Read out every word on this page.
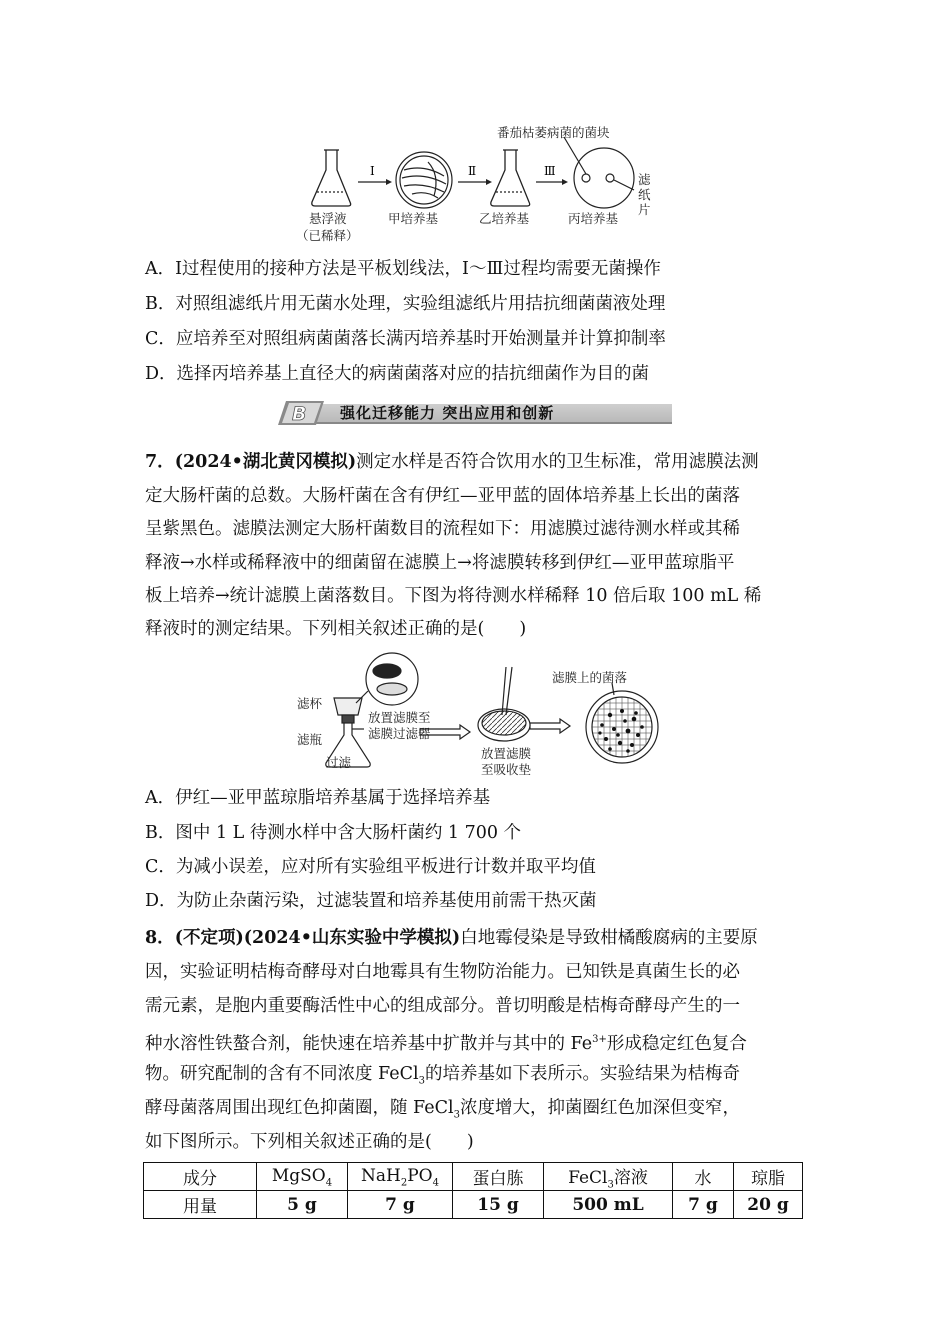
Ⅰ	Ⅱ	Ⅲ
番茄枯萎病菌的菌块
悬浮液
（已稀释）
甲培养基	乙培养基	丙培养基
滤纸片
A．Ⅰ过程使用的接种方法是平板划线法，Ⅰ～Ⅲ过程均需要无菌操作
B．对照组滤纸片用无菌水处理，实验组滤纸片用拮抗细菌菌液处理
C．应培养至对照组病菌菌落长满丙培养基时开始测量并计算抑制率
D．选择丙培养基上直径大的病菌菌落对应的拮抗细菌作为目的菌
B 强化迁移能力 突出应用和创新
7．(2024•湖北黄冈模拟)测定水样是否符合饮用水的卫生标准，常用滤膜法测
定大肠杆菌的总数。大肠杆菌在含有伊红—亚甲蓝的固体培养基上长出的菌落
呈紫黑色。滤膜法测定大肠杆菌数目的流程如下：用滤膜过滤待测水样或其稀
释液→水样或稀释液中的细菌留在滤膜上→将滤膜转移到伊红—亚甲蓝琼脂平
板上培养→统计滤膜上菌落数目。下图为将待测水样稀释 10 倍后取 100 mL 稀
释液时的测定结果。下列相关叙述正确的是(　　)
滤杯
滤瓶
过滤
放置滤膜至
滤膜过滤器
放置滤膜
至吸收垫
滤膜上的菌落
A．伊红—亚甲蓝琼脂培养基属于选择培养基
B．图中 1 L 待测水样中含大肠杆菌约 1 700 个
C．为减小误差，应对所有实验组平板进行计数并取平均值
D．为防止杂菌污染，过滤装置和培养基使用前需干热灭菌
8．(不定项)(2024•山东实验中学模拟)白地霉侵染是导致柑橘酸腐病的主要原
因，实验证明桔梅奇酵母对白地霉具有生物防治能力。已知铁是真菌生长的必
需元素，是胞内重要酶活性中心的组成部分。普切明酸是桔梅奇酵母产生的一
种水溶性铁螯合剂，能快速在培养基中扩散并与其中的 $Fe^{3+}$形成稳定红色复合
物。研究配制的含有不同浓度 FeCl$_3$的培养基如下表所示。实验结果为桔梅奇
酵母菌落周围出现红色抑菌圈，随 FeCl$_3$浓度增大，抑菌圈红色加深但变窄，
如下图所示。下列相关叙述正确的是(　　)
成分	MgSO$_4$	$NaH_2PO_4$	蛋白胨	FeCl$_3$溶液	水	琼脂
用量	5 g	7 g	15 g	500 mL	7 g	20 g
